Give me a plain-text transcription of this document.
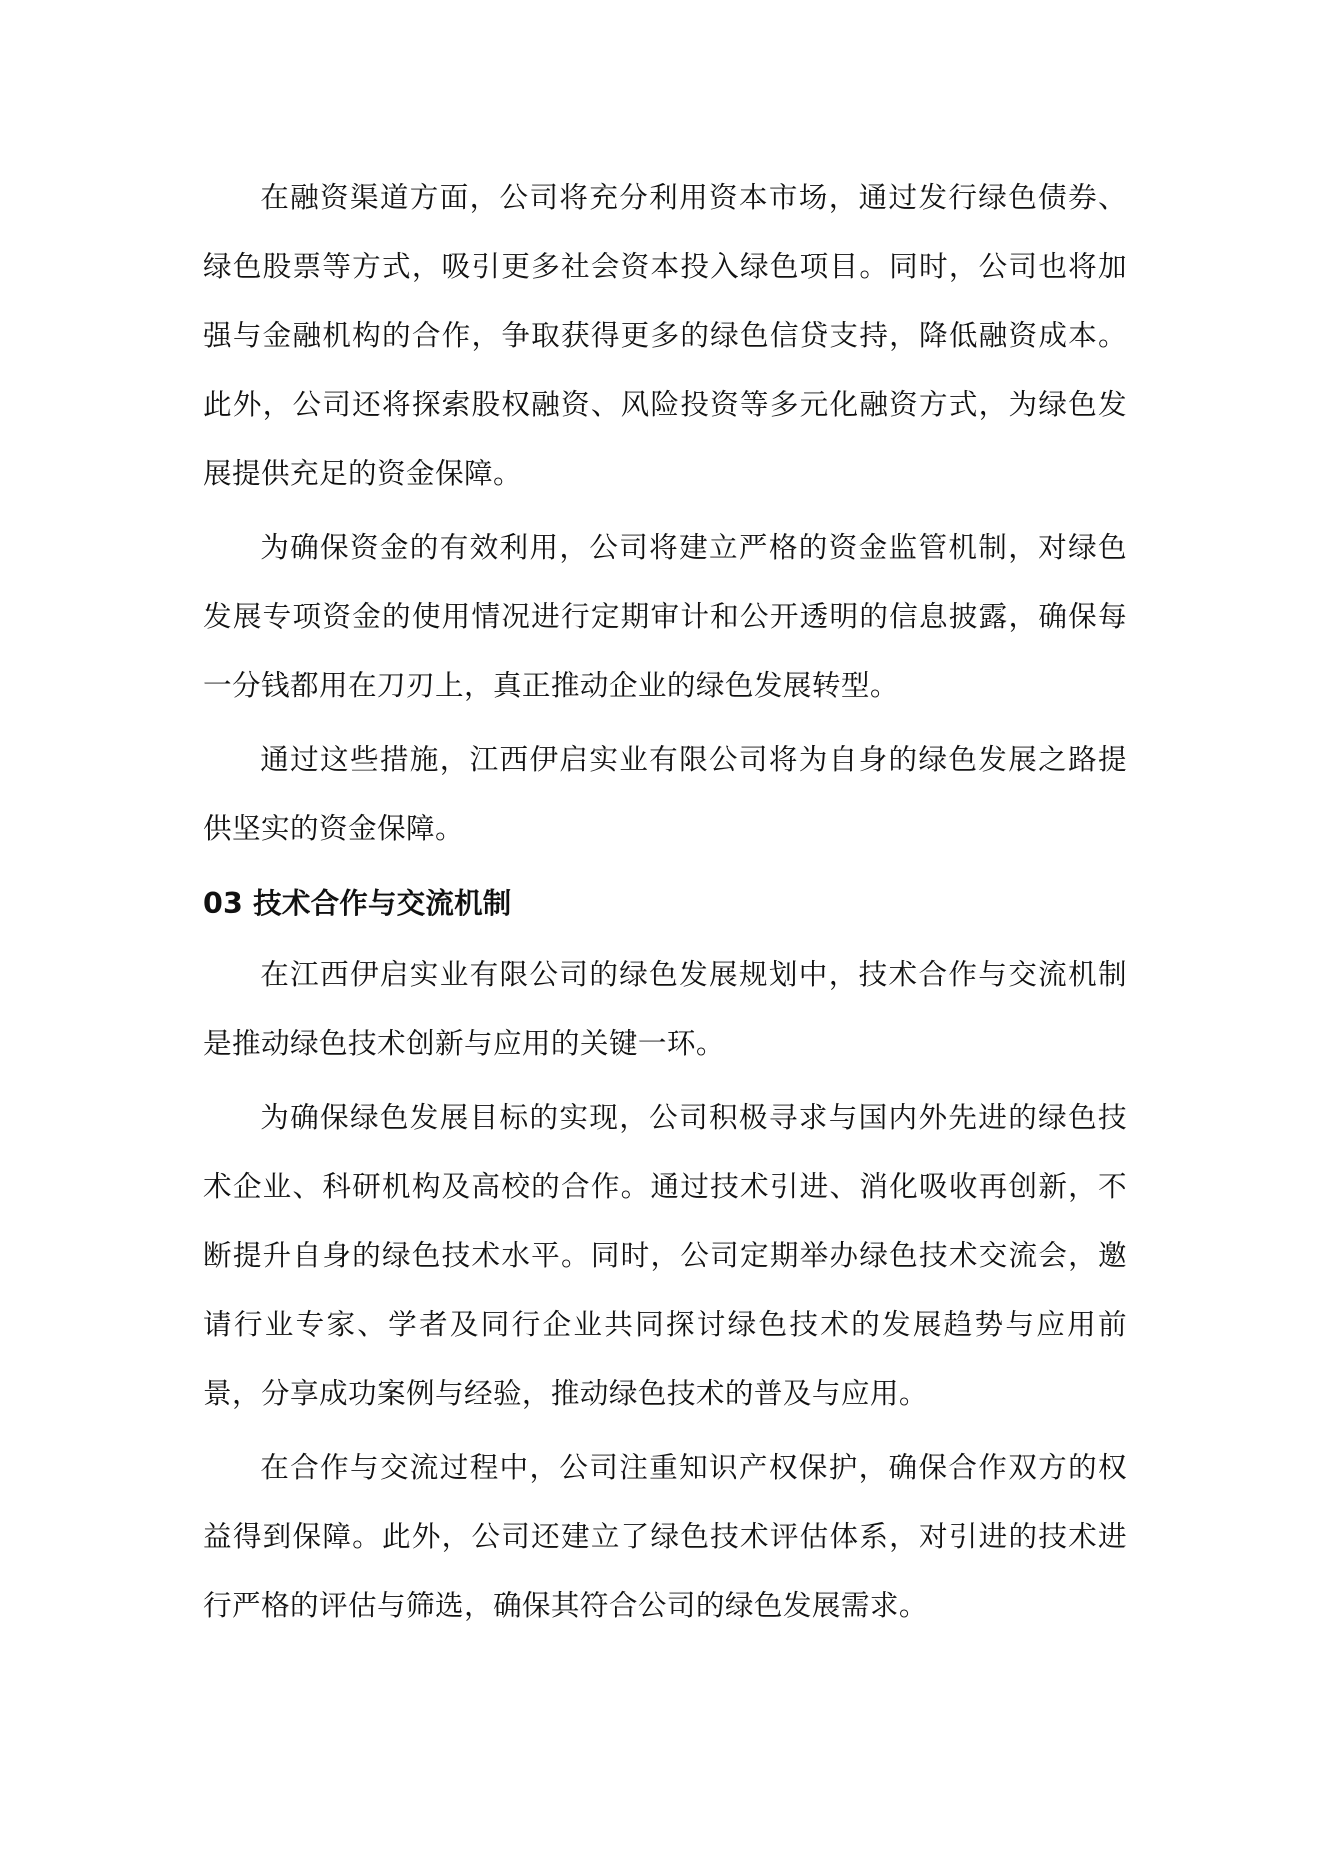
在融资渠道方面，公司将充分利用资本市场，通过发行绿色债券、绿色股票等方式，吸引更多社会资本投入绿色项目。同时，公司也将加强与金融机构的合作，争取获得更多的绿色信贷支持，降低融资成本。此外，公司还将探索股权融资、风险投资等多元化融资方式，为绿色发展提供充足的资金保障。

为确保资金的有效利用，公司将建立严格的资金监管机制，对绿色发展专项资金的使用情况进行定期审计和公开透明的信息披露，确保每一分钱都用在刀刃上，真正推动企业的绿色发展转型。

通过这些措施，江西伊启实业有限公司将为自身的绿色发展之路提供坚实的资金保障。

03 技术合作与交流机制

在江西伊启实业有限公司的绿色发展规划中，技术合作与交流机制是推动绿色技术创新与应用的关键一环。

为确保绿色发展目标的实现，公司积极寻求与国内外先进的绿色技术企业、科研机构及高校的合作。通过技术引进、消化吸收再创新，不断提升自身的绿色技术水平。同时，公司定期举办绿色技术交流会，邀请行业专家、学者及同行企业共同探讨绿色技术的发展趋势与应用前景，分享成功案例与经验，推动绿色技术的普及与应用。

在合作与交流过程中，公司注重知识产权保护，确保合作双方的权益得到保障。此外，公司还建立了绿色技术评估体系，对引进的技术进行严格的评估与筛选，确保其符合公司的绿色发展需求。
